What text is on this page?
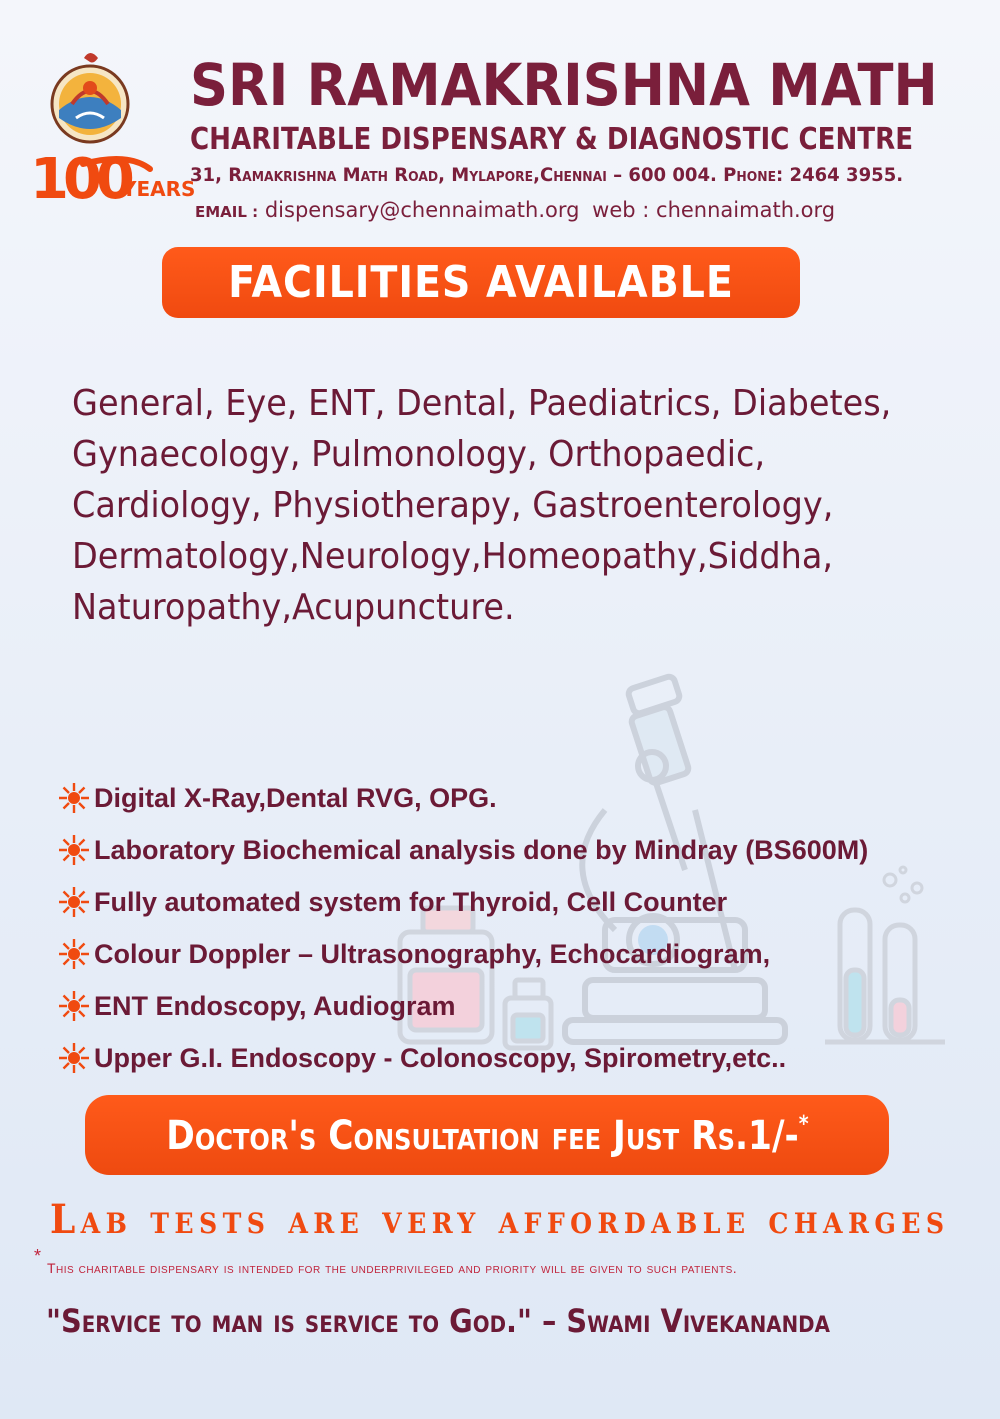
100
YEARS
SRI RAMAKRISHNA MATH
CHARITABLE DISPENSARY & DIAGNOSTIC CENTRE
31, Ramakrishna Math Road, Mylapore,Chennai – 600 004. Phone: 2464 3955.
EMAIL : dispensary@chennaimath.org web : chennaimath.org
FACILITIES AVAILABLE
General, Eye, ENT, Dental, Paediatrics, Diabetes,
Gynaecology, Pulmonology, Orthopaedic,
Cardiology, Physiotherapy, Gastroenterology,
Dermatology,Neurology,Homeopathy,Siddha,
Naturopathy,Acupuncture.
Digital X-Ray,Dental RVG, OPG.
Laboratory Biochemical analysis done by Mindray (BS600M)
Fully automated system for Thyroid, Cell Counter
Colour Doppler – Ultrasonography, Echocardiogram,
ENT Endoscopy, Audiogram
Upper G.I. Endoscopy - Colonoscopy, Spirometry,etc..
Doctor's Consultation fee Just Rs.1/-*
Lab tests are very affordable charges
*
This charitable dispensary is intended for the underprivileged and priority will be given to such patients.
"Service to man is service to God." – Swami Vivekananda
